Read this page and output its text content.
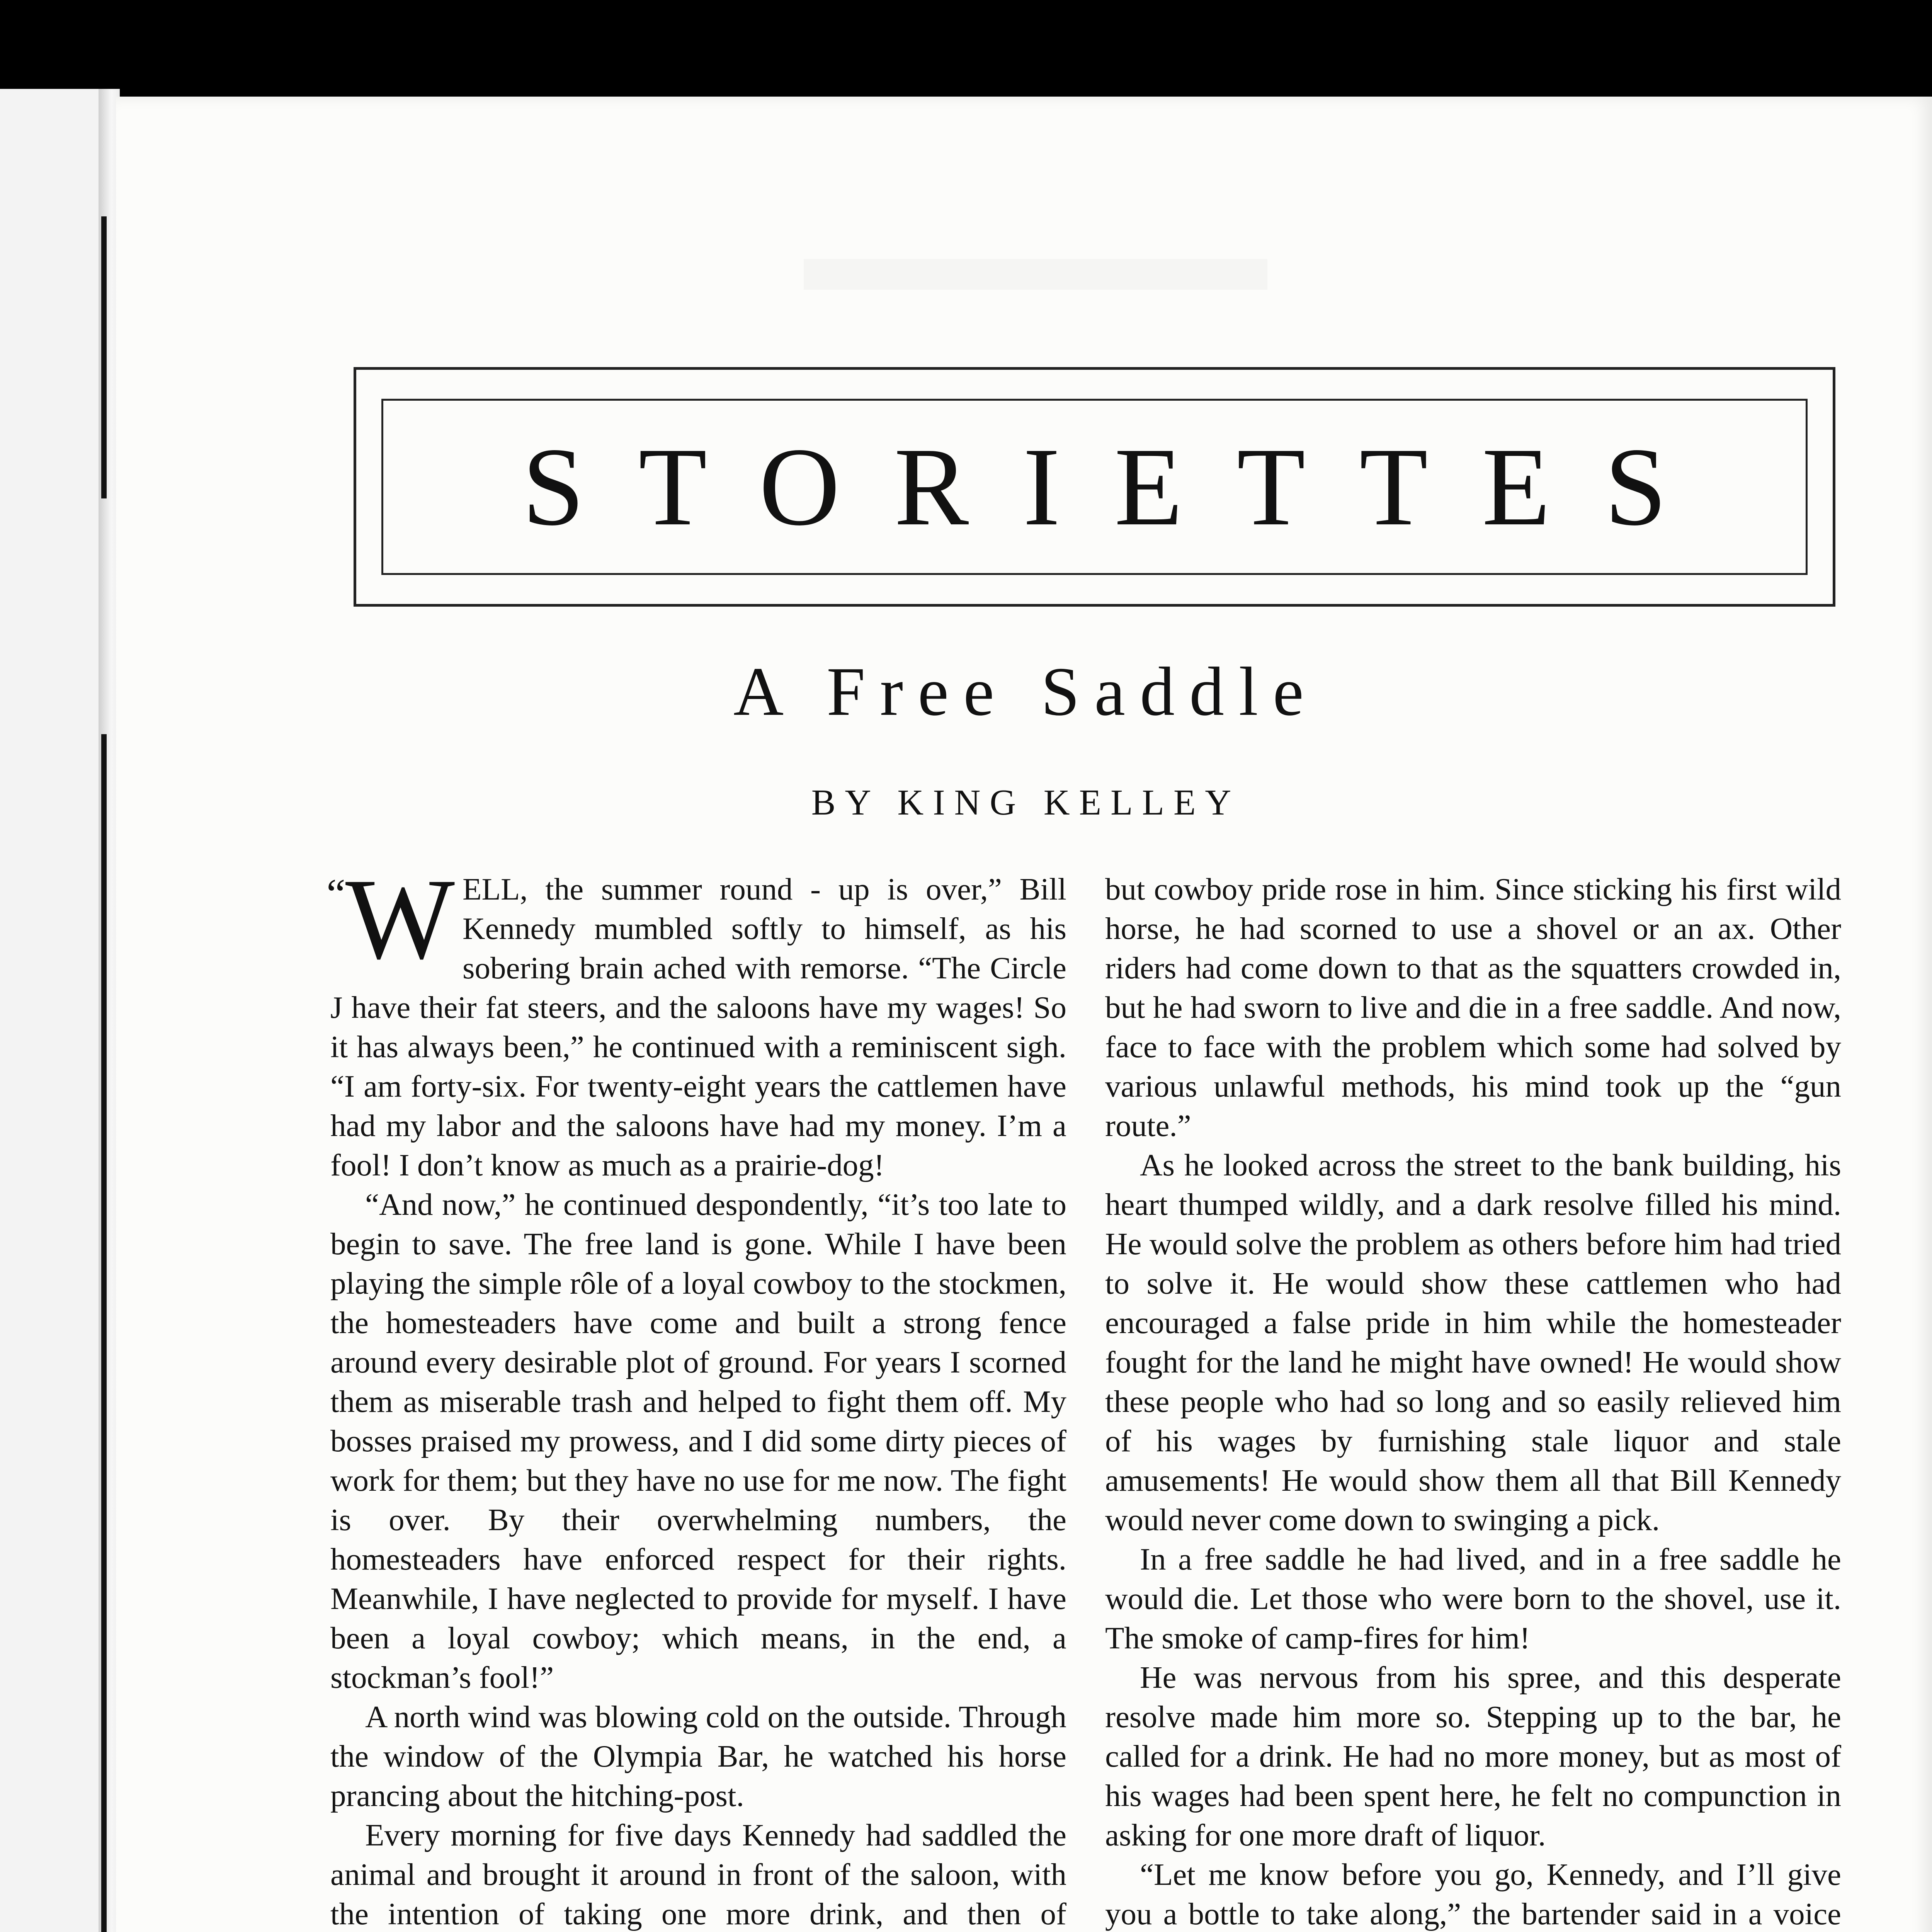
STORIETTES
A Free Saddle
BY KING KELLEY

“W ELL, the summer round - up is over,” Bill Kennedy mumbled softly to himself, as his sobering brain ached with remorse. “The Circle J have their fat steers, and the saloons have my wages! So it has always been,” he continued with a reminiscent sigh. “I am forty-six. For twenty-eight years the cattlemen have had my labor and the saloons have had my money. I’m a fool! I don’t know as much as a prairie-dog!

“And now,” he continued despondently, “it’s too late to begin to save. The free land is gone. While I have been playing the simple rôle of a loyal cowboy to the stockmen, the homesteaders have come and built a strong fence around every desirable plot of ground. For years I scorned them as miserable trash and helped to fight them off. My bosses praised my prowess, and I did some dirty pieces of work for them; but they have no use for me now. The fight is over. By their overwhelming numbers, the homesteaders have enforced respect for their rights. Meanwhile, I have neglected to provide for myself. I have been a loyal cowboy; which means, in the end, a stockman’s fool!”

A north wind was blowing cold on the outside. Through the window of the Olympia Bar, he watched his horse prancing about the hitching-post.

Every morning for five days Kennedy had saddled the animal and brought it around in front of the saloon, with the intention of taking one more drink, and then of

but cowboy pride rose in him. Since sticking his first wild horse, he had scorned to use a shovel or an ax. Other riders had come down to that as the squatters crowded in, but he had sworn to live and die in a free saddle. And now, face to face with the problem which some had solved by various unlawful methods, his mind took up the “gun route.”

As he looked across the street to the bank building, his heart thumped wildly, and a dark resolve filled his mind. He would solve the problem as others before him had tried to solve it. He would show these cattlemen who had encouraged a false pride in him while the homesteader fought for the land he might have owned! He would show these people who had so long and so easily relieved him of his wages by furnishing stale liquor and stale amusements! He would show them all that Bill Kennedy would never come down to swinging a pick.

In a free saddle he had lived, and in a free saddle he would die. Let those who were born to the shovel, use it. The smoke of camp-fires for him!

He was nervous from his spree, and this desperate resolve made him more so. Stepping up to the bar, he called for a drink. He had no more money, but as most of his wages had been spent here, he felt no compunction in asking for one more draft of liquor.

“Let me know before you go, Kennedy, and I’ll give you a bottle to take along,” the bartender said in a voice
